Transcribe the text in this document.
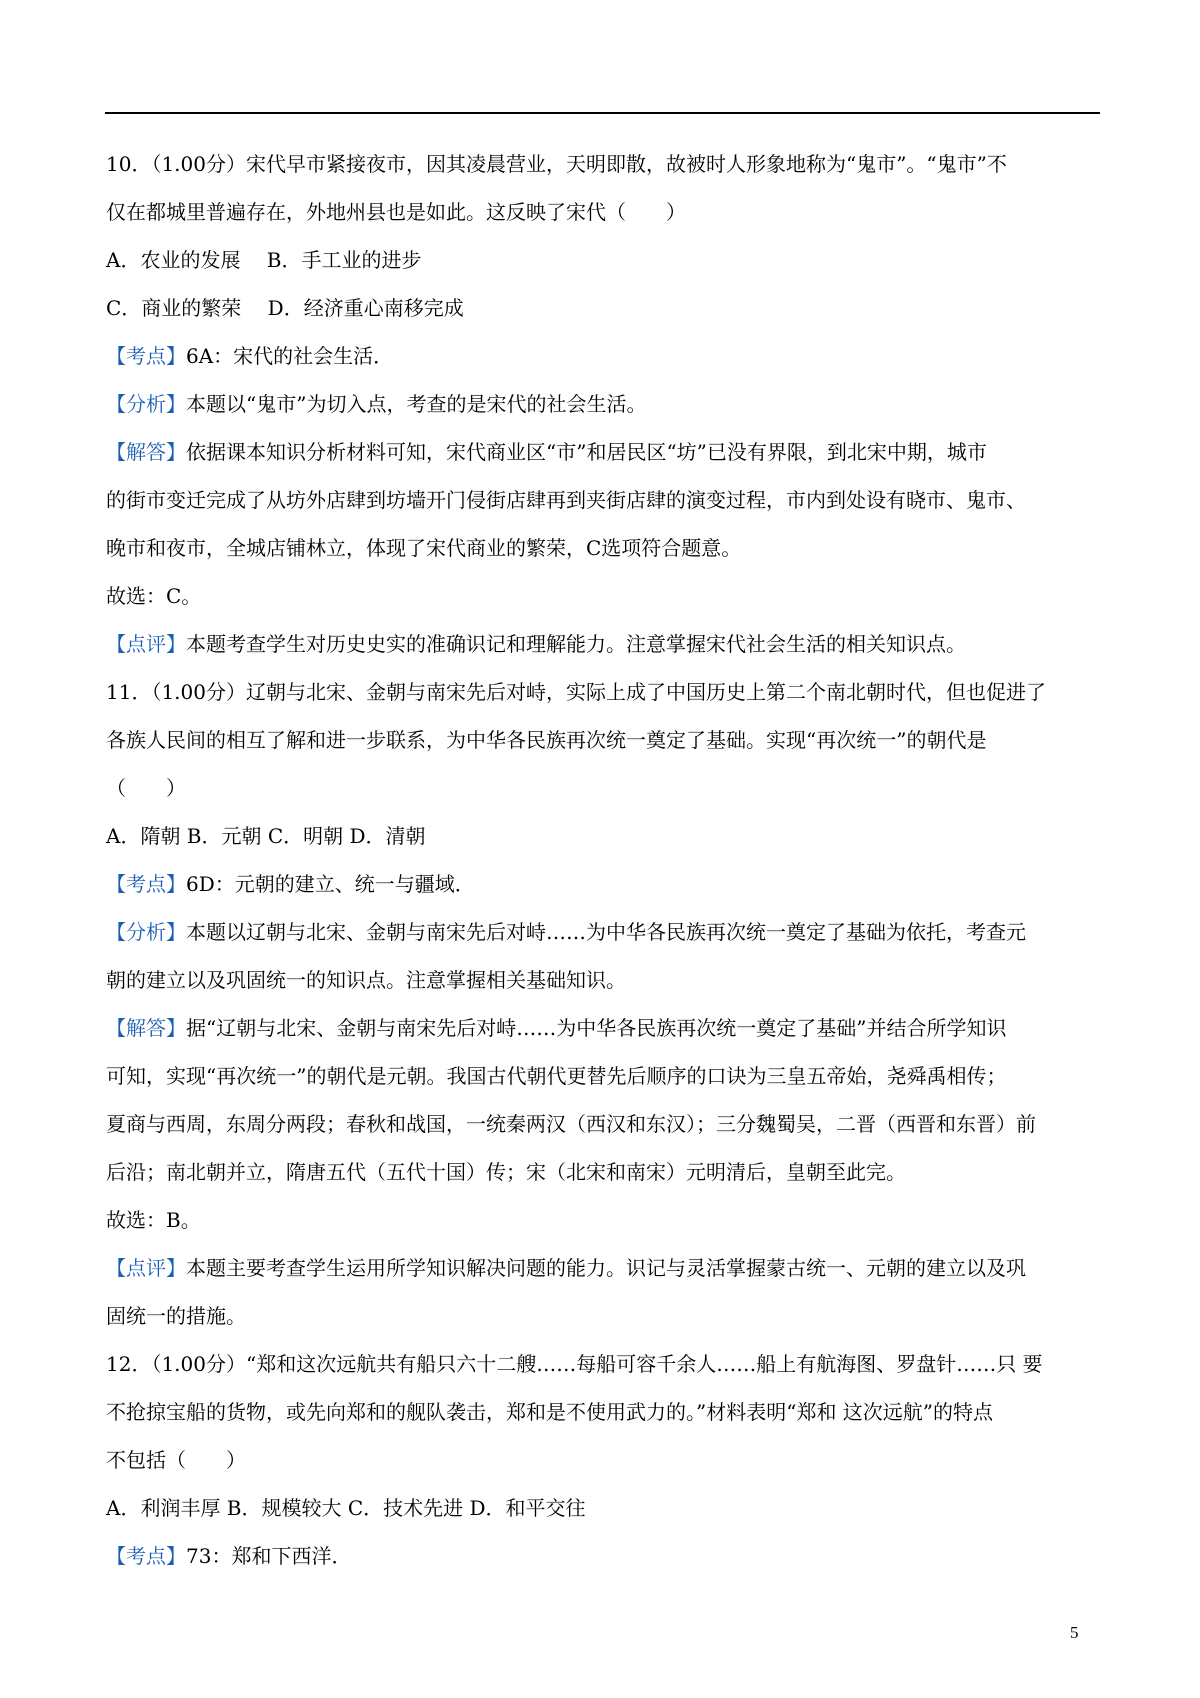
10．（1.00分）宋代早市紧接夜市，因其凌晨营业，天明即散，故被时人形象地称为“鬼市”。“鬼市”不
仅在都城里普遍存在，外地州县也是如此。这反映了宋代（　　）
A．农业的发展　 B．手工业的进步
C．商业的繁荣　 D．经济重心南移完成
【考点】6A：宋代的社会生活．
【分析】本题以“鬼市”为切入点，考查的是宋代的社会生活。
【解答】依据课本知识分析材料可知，宋代商业区“市”和居民区“坊”已没有界限，到北宋中期，城市
的街市变迁完成了从坊外店肆到坊墙开门侵街店肆再到夹街店肆的演变过程，市内到处设有晓市、鬼市、
晚市和夜市，全城店铺林立，体现了宋代商业的繁荣，C选项符合题意。
故选：C。
【点评】本题考查学生对历史史实的准确识记和理解能力。注意掌握宋代社会生活的相关知识点。
11．（1.00分）辽朝与北宋、金朝与南宋先后对峙，实际上成了中国历史上第二个南北朝时代，但也促进了
各族人民间的相互了解和进一步联系，为中华各民族再次统一奠定了基础。实现“再次统一”的朝代是
（　　）
A．隋朝 B．元朝 C．明朝 D．清朝
【考点】6D：元朝的建立、统一与疆域．
【分析】本题以辽朝与北宋、金朝与南宋先后对峙……为中华各民族再次统一奠定了基础为依托，考查元
朝的建立以及巩固统一的知识点。注意掌握相关基础知识。
【解答】据“辽朝与北宋、金朝与南宋先后对峙……为中华各民族再次统一奠定了基础”并结合所学知识
可知，实现“再次统一”的朝代是元朝。我国古代朝代更替先后顺序的口诀为三皇五帝始，尧舜禹相传；
夏商与西周，东周分两段；春秋和战国，一统秦两汉（西汉和东汉）；三分魏蜀吴，二晋（西晋和东晋）前
后沿；南北朝并立，隋唐五代（五代十国）传；宋（北宋和南宋）元明清后，皇朝至此完。
故选：B。
【点评】本题主要考查学生运用所学知识解决问题的能力。识记与灵活掌握蒙古统一、元朝的建立以及巩
固统一的措施。
12．（1.00分）“郑和这次远航共有船只六十二艘……每船可容千余人……船上有航海图、罗盘针……只 要
不抢掠宝船的货物，或先向郑和的舰队袭击，郑和是不使用武力的。”材料表明“郑和 这次远航”的特点
不包括（　　）
A．利润丰厚 B．规模较大 C．技术先进 D．和平交往
【考点】73：郑和下西洋．
5
